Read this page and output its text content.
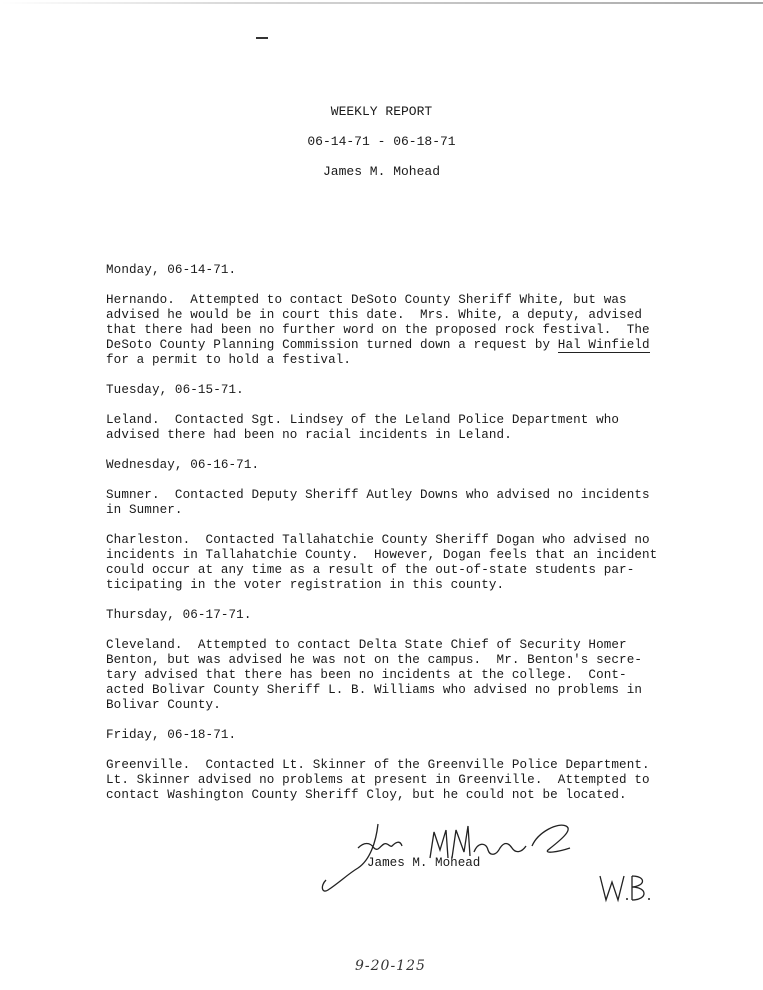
WEEKLY REPORT
06-14-71 - 06-18-71
James M. Mohead
Monday, 06-14-71.
Hernando.  Attempted to contact DeSoto County Sheriff White, but was
advised he would be in court this date.  Mrs. White, a deputy, advised
that there had been no further word on the proposed rock festival.  The
DeSoto County Planning Commission turned down a request by Hal Winfield
for a permit to hold a festival.
Tuesday, 06-15-71.
Leland.  Contacted Sgt. Lindsey of the Leland Police Department who
advised there had been no racial incidents in Leland.
Wednesday, 06-16-71.
Sumner.  Contacted Deputy Sheriff Autley Downs who advised no incidents
in Sumner.
Charleston.  Contacted Tallahatchie County Sheriff Dogan who advised no
incidents in Tallahatchie County.  However, Dogan feels that an incident
could occur at any time as a result of the out-of-state students par-
ticipating in the voter registration in this county.
Thursday, 06-17-71.
Cleveland.  Attempted to contact Delta State Chief of Security Homer
Benton, but was advised he was not on the campus.  Mr. Benton's secre-
tary advised that there has been no incidents at the college.  Cont-
acted Bolivar County Sheriff L. B. Williams who advised no problems in
Bolivar County.
Friday, 06-18-71.
Greenville.  Contacted Lt. Skinner of the Greenville Police Department.
Lt. Skinner advised no problems at present in Greenville.  Attempted to
contact Washington County Sheriff Cloy, but he could not be located.
James M. Mohead
9-20-125
